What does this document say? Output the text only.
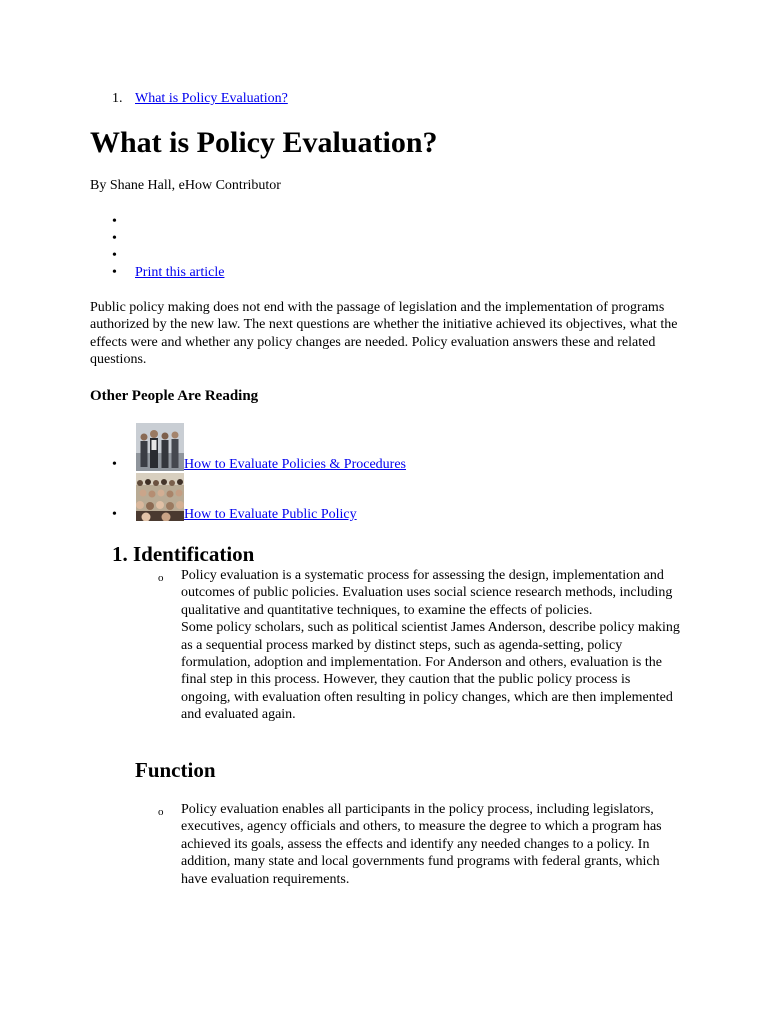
1. What is Policy Evaluation?
What is Policy Evaluation?
By Shane Hall, eHow Contributor
•
•
•
• Print this article

Public policy making does not end with the passage of legislation and the implementation of programs authorized by the new law. The next questions are whether the initiative achieved its objectives, what the effects were and whether any policy changes are needed. Policy evaluation answers these and related questions.

Other People Are Reading
•	How to Evaluate Policies & Procedures
•	How to Evaluate Public Policy
1. Identification
o Policy evaluation is a systematic process for assessing the design, implementation and outcomes of public policies. Evaluation uses social science research methods, including qualitative and quantitative techniques, to examine the effects of policies.

Some policy scholars, such as political scientist James Anderson, describe policy making as a sequential process marked by distinct steps, such as agenda-setting, policy formulation, adoption and implementation. For Anderson and others, evaluation is the final step in this process. However, they caution that the public policy process is ongoing, with evaluation often resulting in policy changes, which are then implemented and evaluated again.

Function
o Policy evaluation enables all participants in the policy process, including legislators, executives, agency officials and others, to measure the degree to which a program has achieved its goals, assess the effects and identify any needed changes to a policy. In addition, many state and local governments fund programs with federal grants, which have evaluation requirements.
